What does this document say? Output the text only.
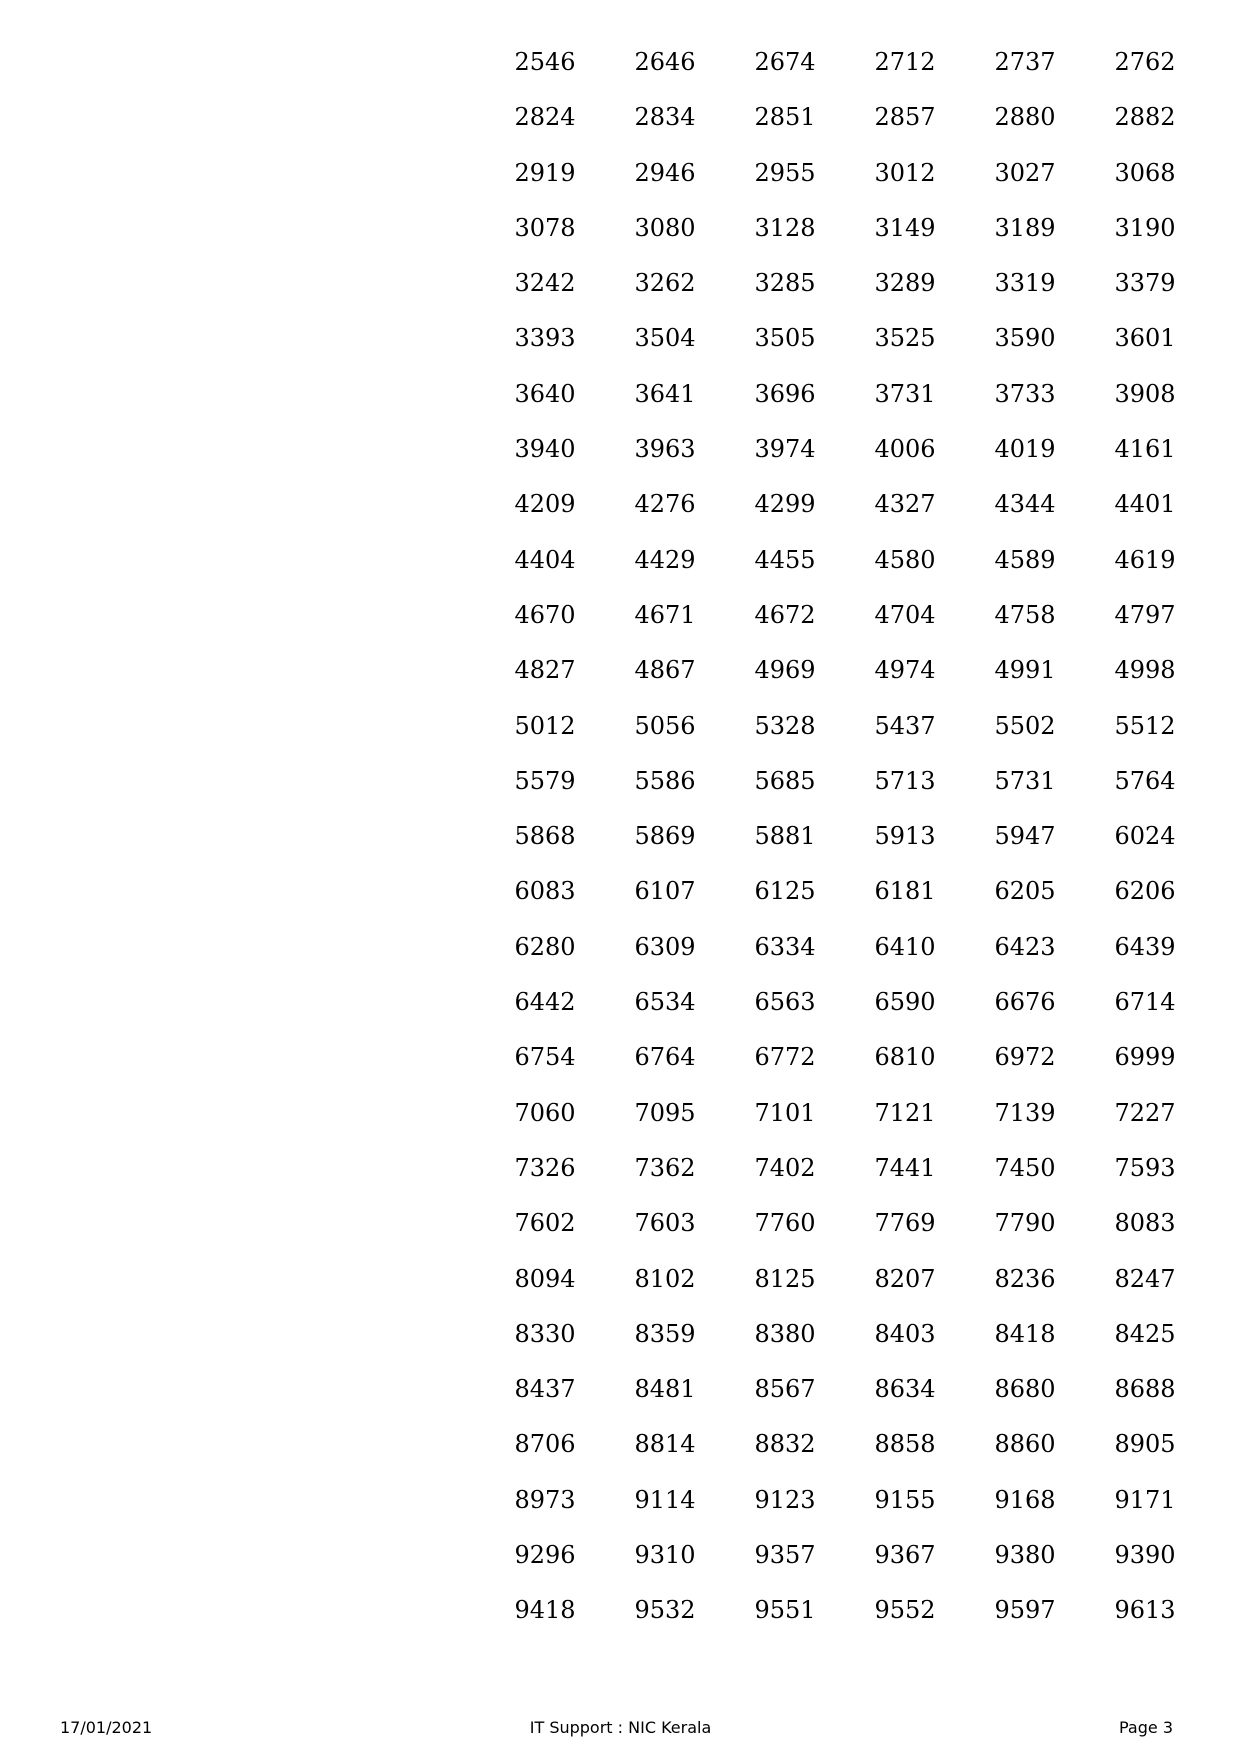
2546	2646	2674	2712	2737	2762
2824	2834	2851	2857	2880	2882
2919	2946	2955	3012	3027	3068
3078	3080	3128	3149	3189	3190
3242	3262	3285	3289	3319	3379
3393	3504	3505	3525	3590	3601
3640	3641	3696	3731	3733	3908
3940	3963	3974	4006	4019	4161
4209	4276	4299	4327	4344	4401
4404	4429	4455	4580	4589	4619
4670	4671	4672	4704	4758	4797
4827	4867	4969	4974	4991	4998
5012	5056	5328	5437	5502	5512
5579	5586	5685	5713	5731	5764
5868	5869	5881	5913	5947	6024
6083	6107	6125	6181	6205	6206
6280	6309	6334	6410	6423	6439
6442	6534	6563	6590	6676	6714
6754	6764	6772	6810	6972	6999
7060	7095	7101	7121	7139	7227
7326	7362	7402	7441	7450	7593
7602	7603	7760	7769	7790	8083
8094	8102	8125	8207	8236	8247
8330	8359	8380	8403	8418	8425
8437	8481	8567	8634	8680	8688
8706	8814	8832	8858	8860	8905
8973	9114	9123	9155	9168	9171
9296	9310	9357	9367	9380	9390
9418	9532	9551	9552	9597	9613
17/01/2021	IT Support : NIC Kerala	Page 3
